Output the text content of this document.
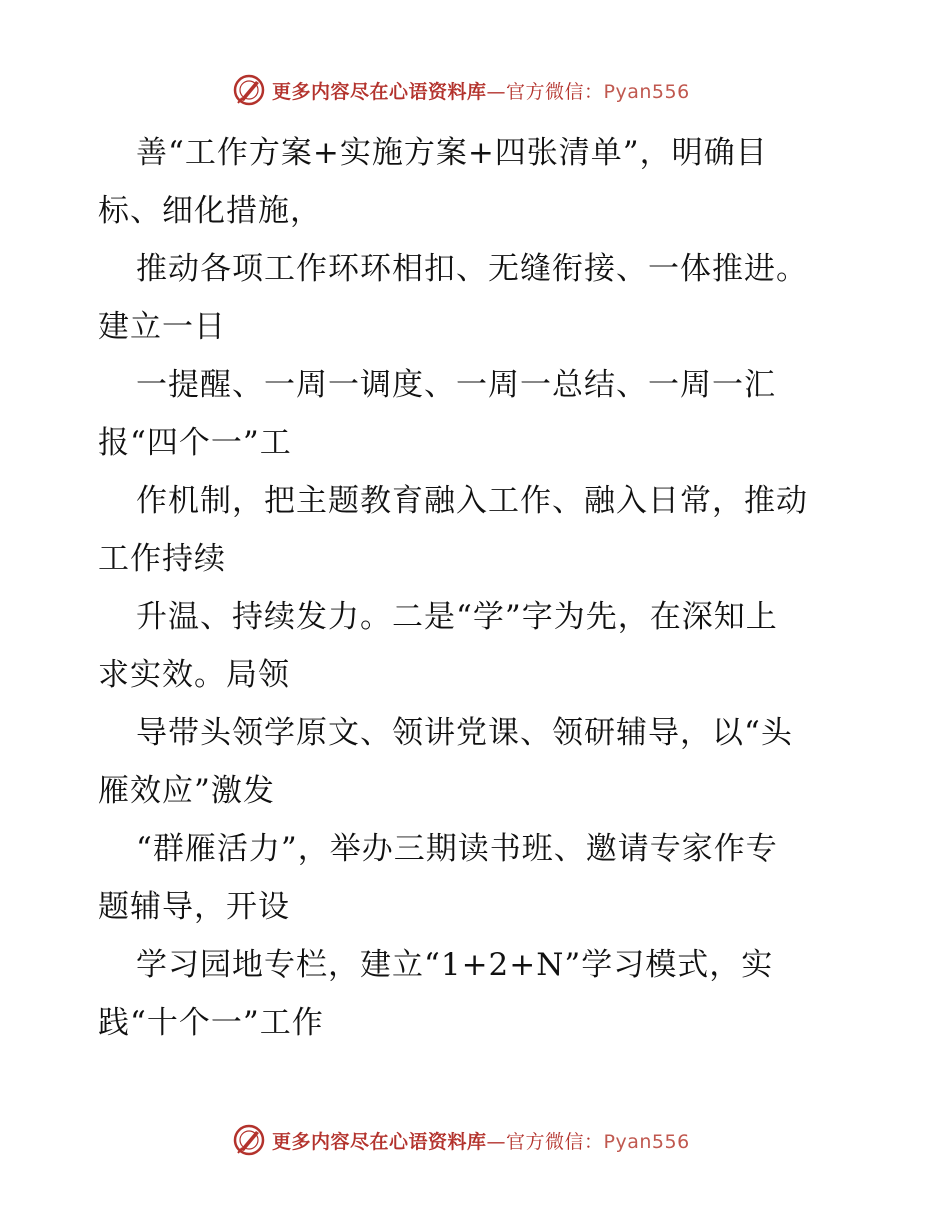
更多内容尽在心语资料库—官方微信：Pyan556
善“工作方案+实施方案+四张清单”，明确目
标、细化措施，
推动各项工作环环相扣、无缝衔接、一体推进。
建立一日
一提醒、一周一调度、一周一总结、一周一汇
报“四个一”工
作机制，把主题教育融入工作、融入日常，推动
工作持续
升温、持续发力。二是“学”字为先，在深知上
求实效。局领
导带头领学原文、领讲党课、领研辅导，以“头
雁效应”激发
“群雁活力”，举办三期读书班、邀请专家作专
题辅导，开设
学习园地专栏，建立“1+2+N”学习模式，实
践“十个一”工作
更多内容尽在心语资料库—官方微信：Pyan556
